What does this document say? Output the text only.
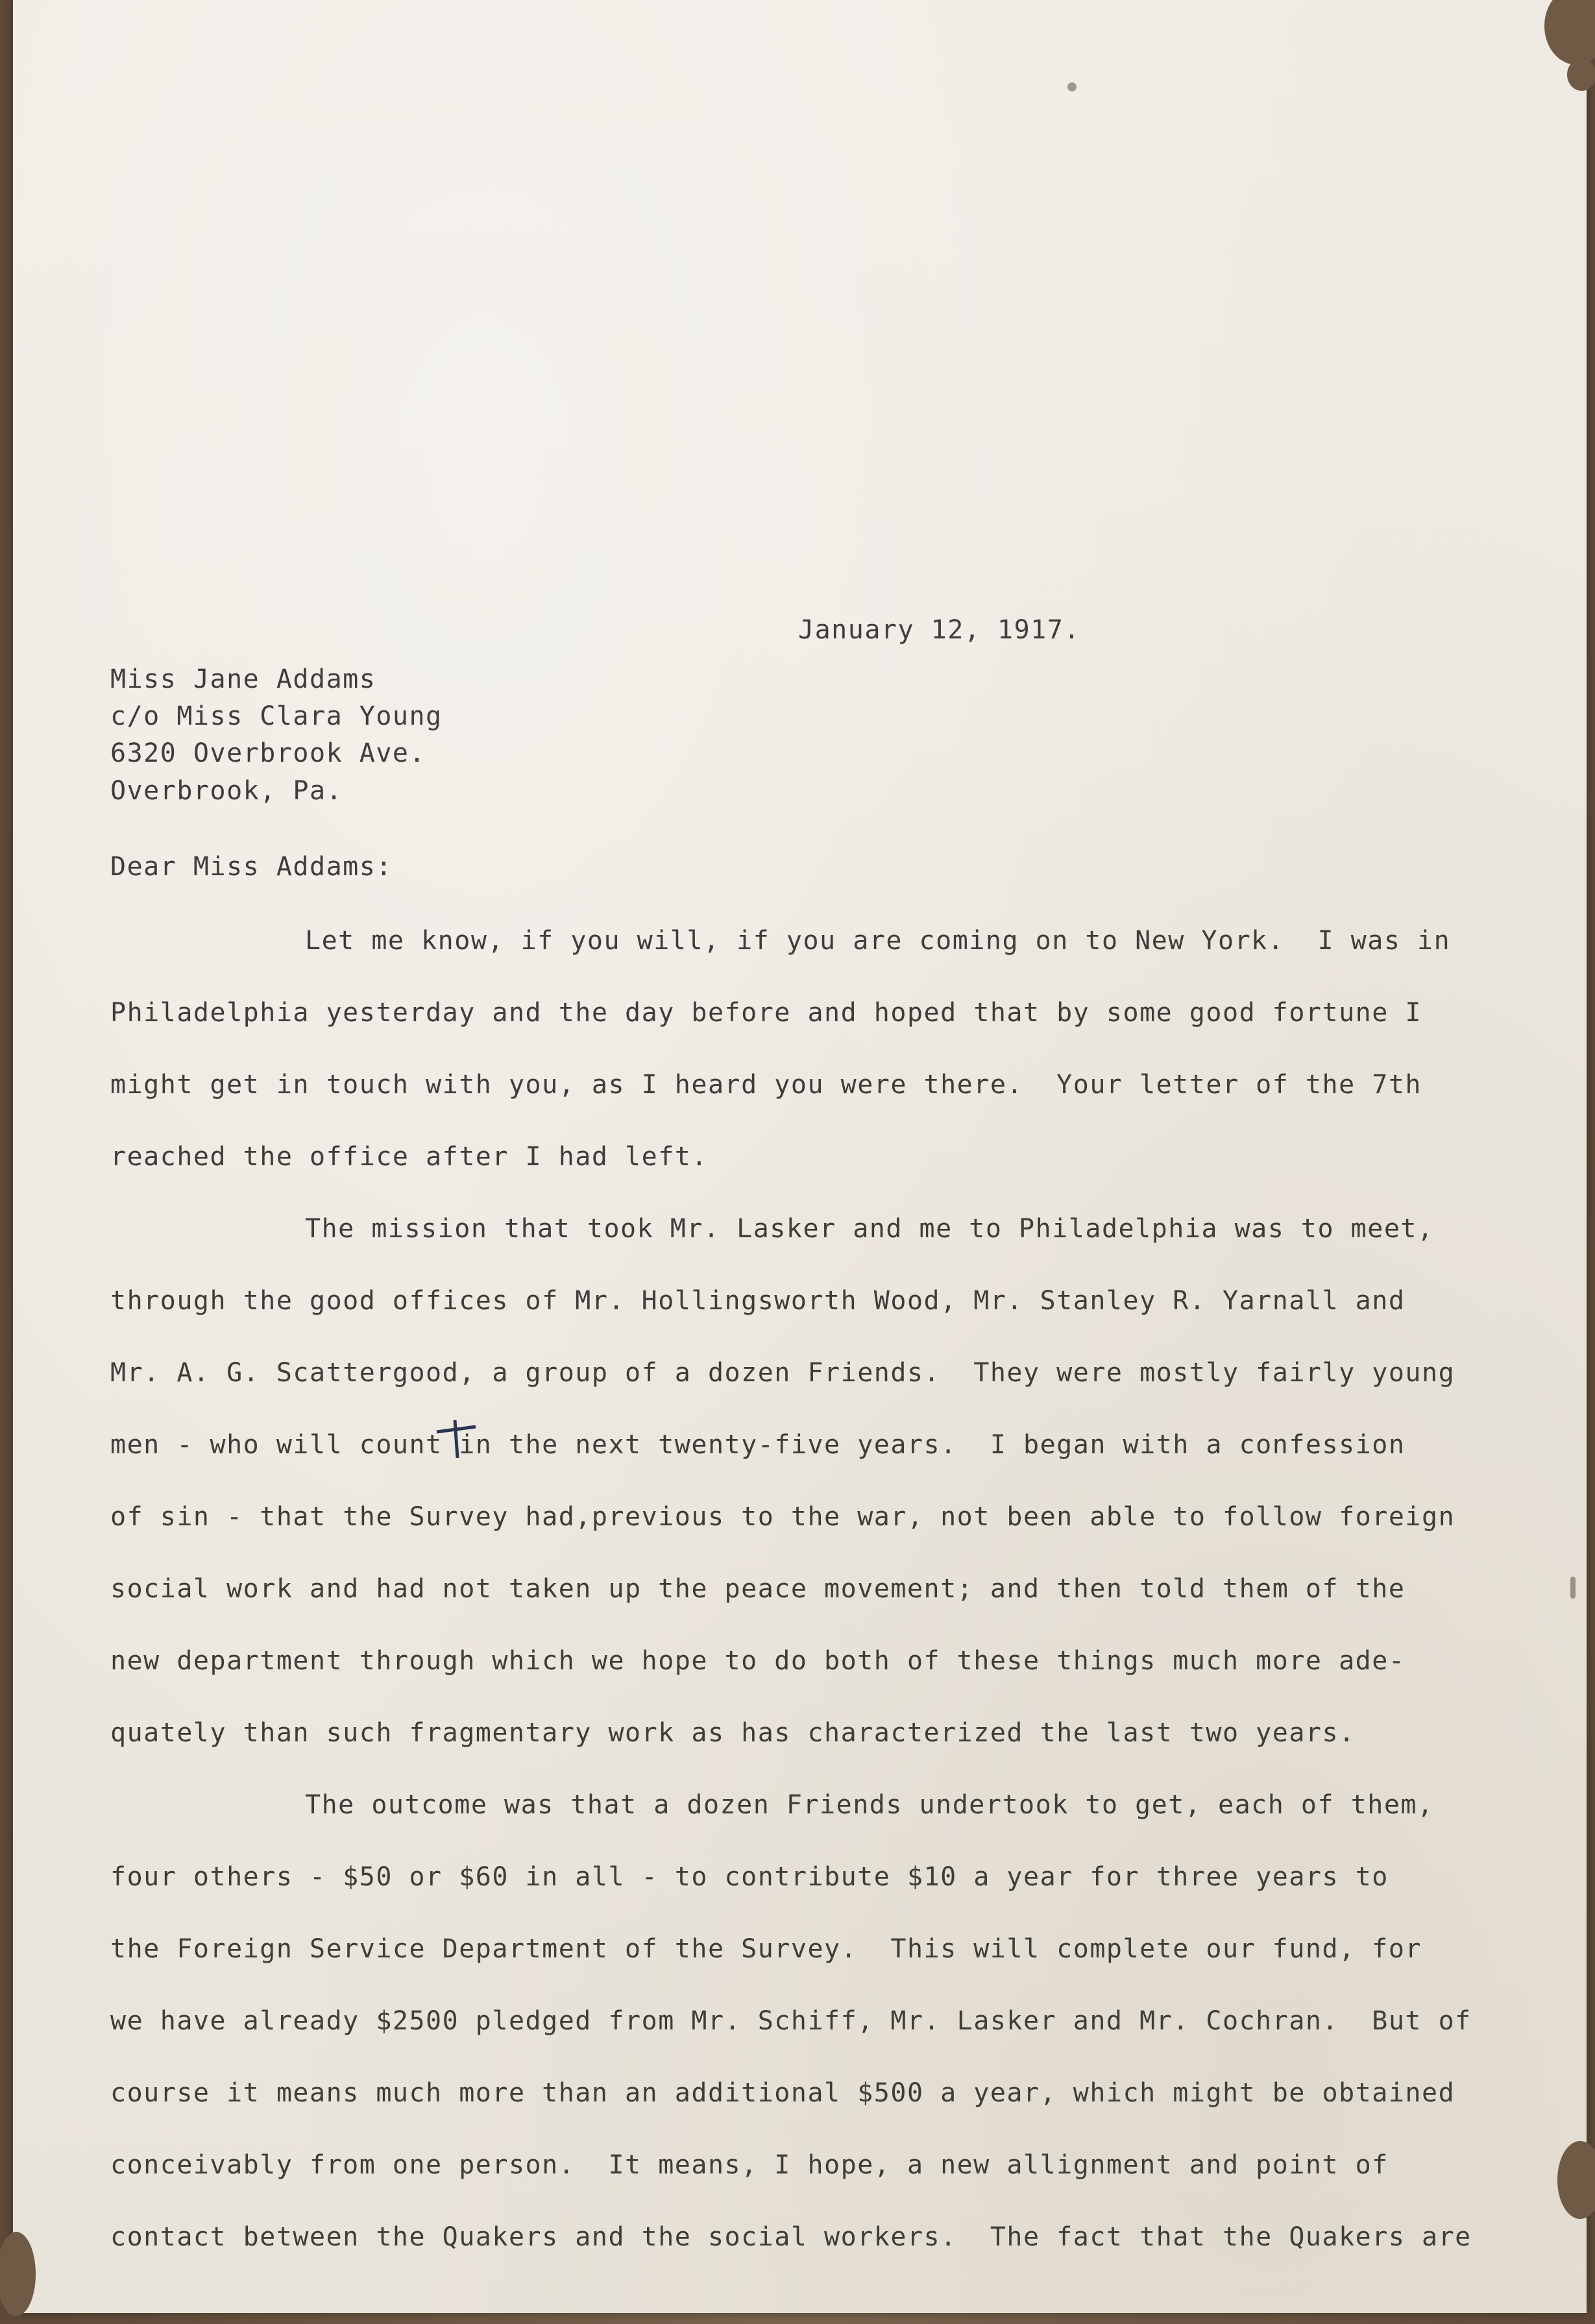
January 12, 1917.
Miss Jane Addams
c/o Miss Clara Young
6320 Overbrook Ave.
Overbrook, Pa.
Dear Miss Addams:
Let me know, if you will, if you are coming on to New York.  I was in
Philadelphia yesterday and the day before and hoped that by some good fortune I
might get in touch with you, as I heard you were there.  Your letter of the 7th
reached the office after I had left.
The mission that took Mr. Lasker and me to Philadelphia was to meet,
through the good offices of Mr. Hollingsworth Wood, Mr. Stanley R. Yarnall and
Mr. A. G. Scattergood, a group of a dozen Friends.  They were mostly fairly young
men - who will count in the next twenty-five years.  I began with a confession
of sin - that the Survey had,previous to the war, not been able to follow foreign
social work and had not taken up the peace movement; and then told them of the
new department through which we hope to do both of these things much more ade-
quately than such fragmentary work as has characterized the last two years.
The outcome was that a dozen Friends undertook to get, each of them,
four others - $50 or $60 in all - to contribute $10 a year for three years to
the Foreign Service Department of the Survey.  This will complete our fund, for
we have already $2500 pledged from Mr. Schiff, Mr. Lasker and Mr. Cochran.  But of
course it means much more than an additional $500 a year, which might be obtained
conceivably from one person.  It means, I hope, a new allignment and point of
contact between the Quakers and the social workers.  The fact that the Quakers are
